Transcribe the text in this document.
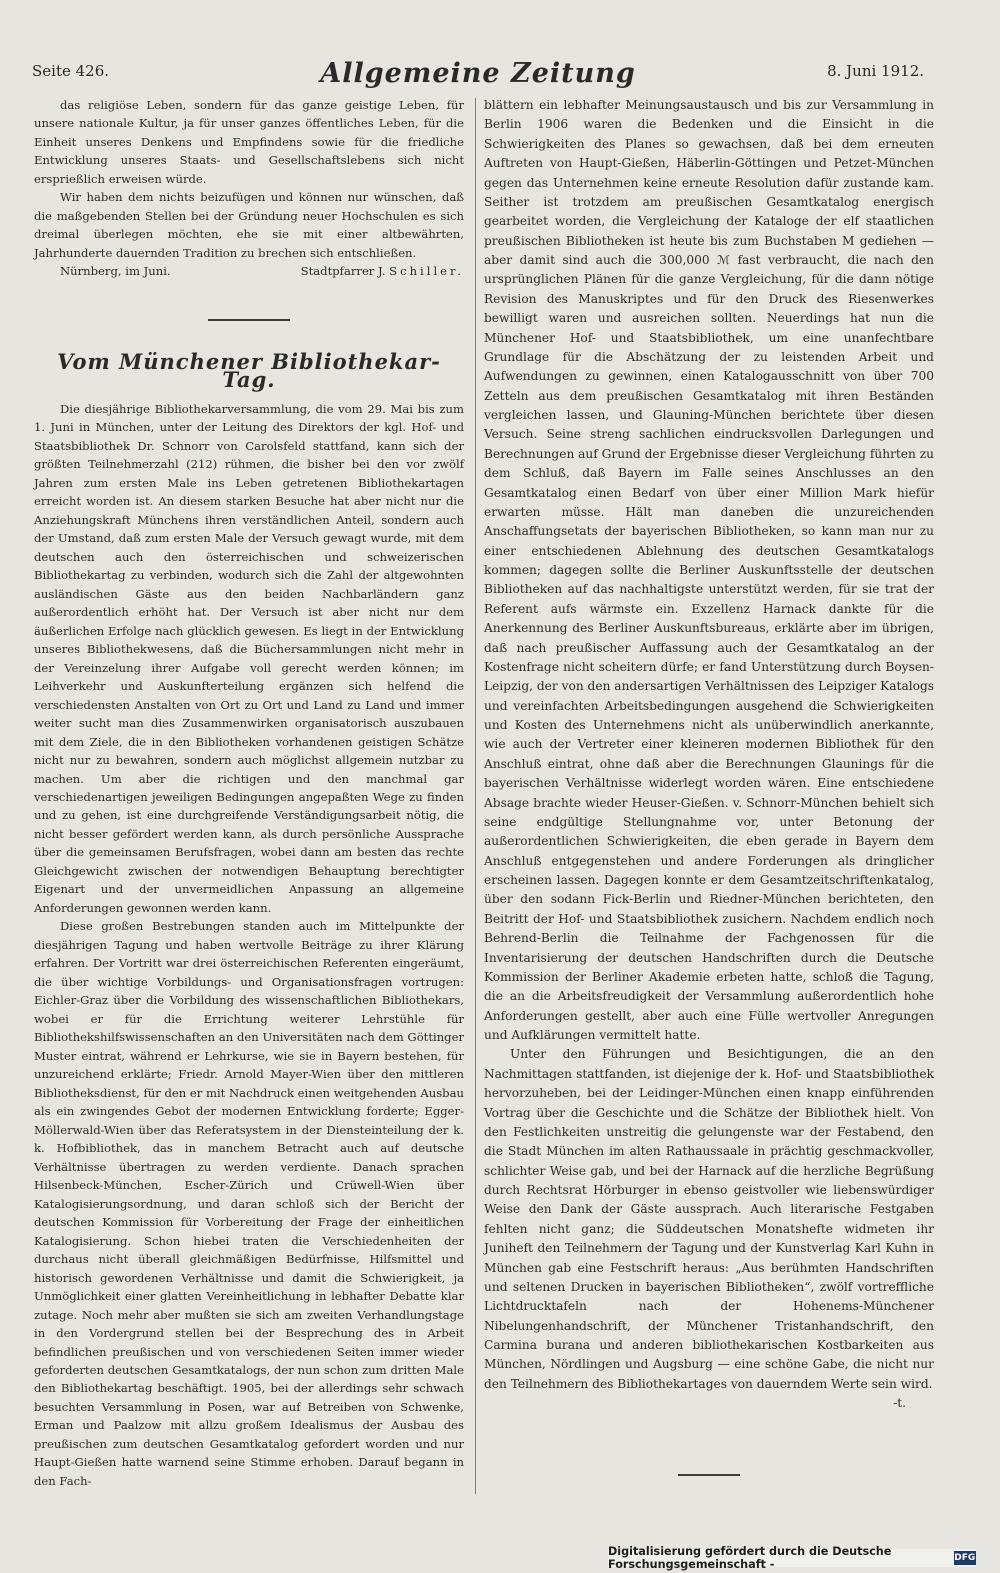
Seite 426.	Allgemeine Zeitung	8. Juni 1912.

das religiöse Leben, sondern für das ganze geistige Leben, für unsere nationale Kultur, ja für unser ganzes öffentliches Leben, für die Einheit unseres Denkens und Empfindens sowie für die friedliche Entwicklung unseres Staats- und Gesellschaftslebens sich nicht ersprießlich erweisen würde.

Wir haben dem nichts beizufügen und können nur wünschen, daß die maßgebenden Stellen bei der Gründung neuer Hochschulen es sich dreimal überlegen möchten, ehe sie mit einer altbewährten, Jahrhunderte dauernden Tradition zu brechen sich entschließen.

Nürnberg, im Juni.	Stadtpfarrer J. Schiller.
Vom Münchener Bibliothekar-Tag.

Die diesjährige Bibliothekarversammlung, die vom 29. Mai bis zum 1. Juni in München, unter der Leitung des Direktors der kgl. Hof- und Staatsbibliothek Dr. Schnorr von Carolsfeld stattfand, kann sich der größten Teilnehmerzahl (212) rühmen, die bisher bei den vor zwölf Jahren zum ersten Male ins Leben getretenen Bibliothekartagen erreicht worden ist. An diesem starken Besuche hat aber nicht nur die Anziehungskraft Münchens ihren verständlichen Anteil, sondern auch der Umstand, daß zum ersten Male der Versuch gewagt wurde, mit dem deutschen auch den österreichischen und schweizerischen Bibliothekartag zu verbinden, wodurch sich die Zahl der altgewohnten ausländischen Gäste aus den beiden Nachbarländern ganz außerordentlich erhöht hat. Der Versuch ist aber nicht nur dem äußerlichen Erfolge nach glücklich gewesen. Es liegt in der Entwicklung unseres Bibliothekwesens, daß die Büchersammlungen nicht mehr in der Vereinzelung ihrer Aufgabe voll gerecht werden können; im Leihverkehr und Auskunfterteilung ergänzen sich helfend die verschiedensten Anstalten von Ort zu Ort und Land zu Land und immer weiter sucht man dies Zusammenwirken organisatorisch auszubauen mit dem Ziele, die in den Bibliotheken vorhandenen geistigen Schätze nicht nur zu bewahren, sondern auch möglichst allgemein nutzbar zu machen. Um aber die richtigen und den manchmal gar verschiedenartigen jeweiligen Bedingungen angepaßten Wege zu finden und zu gehen, ist eine durchgreifende Verständigungsarbeit nötig, die nicht besser gefördert werden kann, als durch persönliche Aussprache über die gemeinsamen Berufsfragen, wobei dann am besten das rechte Gleichgewicht zwischen der notwendigen Behauptung berechtigter Eigenart und der unvermeidlichen Anpassung an allgemeine Anforderungen gewonnen werden kann.

Diese großen Bestrebungen standen auch im Mittelpunkte der diesjährigen Tagung und haben wertvolle Beiträge zu ihrer Klärung erfahren. Der Vortritt war drei österreichischen Referenten eingeräumt, die über wichtige Vorbildungs- und Organisationsfragen vortrugen: Eichler-Graz über die Vorbildung des wissenschaftlichen Bibliothekars, wobei er für die Errichtung weiterer Lehrstühle für Bibliothekshilfswissenschaften an den Universitäten nach dem Göttinger Muster eintrat, während er Lehrkurse, wie sie in Bayern bestehen, für unzureichend erklärte; Friedr. Arnold Mayer-Wien über den mittleren Bibliotheksdienst, für den er mit Nachdruck einen weitgehenden Ausbau als ein zwingendes Gebot der modernen Entwicklung forderte; Egger-Möllerwald-Wien über das Referatsystem in der Diensteinteilung der k. k. Hofbibliothek, das in manchem Betracht auch auf deutsche Verhältnisse übertragen zu werden verdiente. Danach sprachen Hilsenbeck-München, Escher-Zürich und Crüwell-Wien über Katalogisierungsordnung, und daran schloß sich der Bericht der deutschen Kommission für Vorbereitung der Frage der einheitlichen Katalogisierung. Schon hiebei traten die Verschiedenheiten der durchaus nicht überall gleichmäßigen Bedürfnisse, Hilfsmittel und historisch gewordenen Verhältnisse und damit die Schwierigkeit, ja Unmöglichkeit einer glatten Vereinheitlichung in lebhafter Debatte klar zutage. Noch mehr aber mußten sie sich am zweiten Verhandlungstage in den Vordergrund stellen bei der Besprechung des in Arbeit befindlichen preußischen und von verschiedenen Seiten immer wieder geforderten deutschen Gesamtkatalogs, der nun schon zum dritten Male den Bibliothekartag beschäftigt. 1905, bei der allerdings sehr schwach besuchten Versammlung in Posen, war auf Betreiben von Schwenke, Erman und Paalzow mit allzu großem Idealismus der Ausbau des preußischen zum deutschen Gesamtkatalog gefordert worden und nur Haupt-Gießen hatte warnend seine Stimme erhoben. Darauf begann in den Fach-

blättern ein lebhafter Meinungsaustausch und bis zur Versammlung in Berlin 1906 waren die Bedenken und die Einsicht in die Schwierigkeiten des Planes so gewachsen, daß bei dem erneuten Auftreten von Haupt-Gießen, Häberlin-Göttingen und Petzet-München gegen das Unternehmen keine erneute Resolution dafür zustande kam. Seither ist trotzdem am preußischen Gesamtkatalog energisch gearbeitet worden, die Vergleichung der Kataloge der elf staatlichen preußischen Bibliotheken ist heute bis zum Buchstaben M gediehen — aber damit sind auch die 300,000 ℳ fast verbraucht, die nach den ursprünglichen Plänen für die ganze Vergleichung, für die dann nötige Revision des Manuskriptes und für den Druck des Riesenwerkes bewilligt waren und ausreichen sollten. Neuerdings hat nun die Münchener Hof- und Staatsbibliothek, um eine unanfechtbare Grundlage für die Abschätzung der zu leistenden Arbeit und Aufwendungen zu gewinnen, einen Katalogausschnitt von über 700 Zetteln aus dem preußischen Gesamtkatalog mit ihren Beständen vergleichen lassen, und Glauning-München berichtete über diesen Versuch. Seine streng sachlichen eindrucksvollen Darlegungen und Berechnungen auf Grund der Ergebnisse dieser Vergleichung führten zu dem Schluß, daß Bayern im Falle seines Anschlusses an den Gesamtkatalog einen Bedarf von über einer Million Mark hiefür erwarten müsse. Hält man daneben die unzureichenden Anschaffungsetats der bayerischen Bibliotheken, so kann man nur zu einer entschiedenen Ablehnung des deutschen Gesamtkatalogs kommen; dagegen sollte die Berliner Auskunftsstelle der deutschen Bibliotheken auf das nachhaltigste unterstützt werden, für sie trat der Referent aufs wärmste ein. Exzellenz Harnack dankte für die Anerkennung des Berliner Auskunftsbureaus, erklärte aber im übrigen, daß nach preußischer Auffassung auch der Gesamtkatalog an der Kostenfrage nicht scheitern dürfe; er fand Unterstützung durch Boysen-Leipzig, der von den andersartigen Verhältnissen des Leipziger Katalogs und vereinfachten Arbeitsbedingungen ausgehend die Schwierigkeiten und Kosten des Unternehmens nicht als unüberwindlich anerkannte, wie auch der Vertreter einer kleineren modernen Bibliothek für den Anschluß eintrat, ohne daß aber die Berechnungen Glaunings für die bayerischen Verhältnisse widerlegt worden wären. Eine entschiedene Absage brachte wieder Heuser-Gießen. v. Schnorr-München behielt sich seine endgültige Stellungnahme vor, unter Betonung der außerordentlichen Schwierigkeiten, die eben gerade in Bayern dem Anschluß entgegenstehen und andere Forderungen als dringlicher erscheinen lassen. Dagegen konnte er dem Gesamtzeitschriftenkatalog, über den sodann Fick-Berlin und Riedner-München berichteten, den Beitritt der Hof- und Staatsbibliothek zusichern. Nachdem endlich noch Behrend-Berlin die Teilnahme der Fachgenossen für die Inventarisierung der deutschen Handschriften durch die Deutsche Kommission der Berliner Akademie erbeten hatte, schloß die Tagung, die an die Arbeitsfreudigkeit der Versammlung außerordentlich hohe Anforderungen gestellt, aber auch eine Fülle wertvoller Anregungen und Aufklärungen vermittelt hatte.

Unter den Führungen und Besichtigungen, die an den Nachmittagen stattfanden, ist diejenige der k. Hof- und Staatsbibliothek hervorzuheben, bei der Leidinger-München einen knapp einführenden Vortrag über die Geschichte und die Schätze der Bibliothek hielt. Von den Festlichkeiten unstreitig die gelungenste war der Festabend, den die Stadt München im alten Rathaussaale in prächtig geschmackvoller, schlichter Weise gab, und bei der Harnack auf die herzliche Begrüßung durch Rechtsrat Hörburger in ebenso geistvoller wie liebenswürdiger Weise den Dank der Gäste aussprach. Auch literarische Festgaben fehlten nicht ganz; die Süddeutschen Monatshefte widmeten ihr Juniheft den Teilnehmern der Tagung und der Kunstverlag Karl Kuhn in München gab eine Festschrift heraus: „Aus berühmten Handschriften und seltenen Drucken in bayerischen Bibliotheken“, zwölf vortreffliche Lichtdrucktafeln nach der Hohenems-Münchener Nibelungenhandschrift, der Münchener Tristanhandschrift, den Carmina burana und anderen bibliothekarischen Kostbarkeiten aus München, Nördlingen und Augsburg — eine schöne Gabe, die nicht nur den Teilnehmern des Bibliothekartages von dauerndem Werte sein wird.

-t.
Digitalisierung gefördert durch die Deutsche Forschungsgemeinschaft -	DFG
